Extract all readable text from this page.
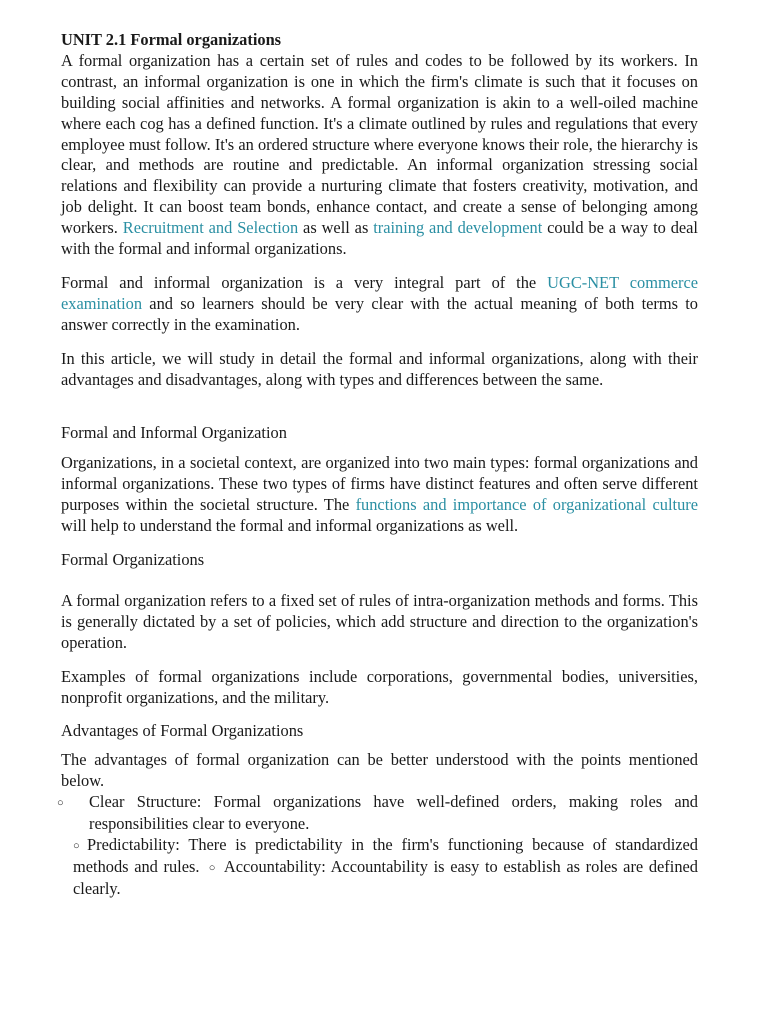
UNIT 2.1 Formal organizations

A formal organization has a certain set of rules and codes to be followed by its workers. In contrast, an informal organization is one in which the firm's climate is such that it focuses on building social affinities and networks. A formal organization is akin to a well-oiled machine where each cog has a defined function. It's a climate outlined by rules and regulations that every employee must follow. It's an ordered structure where everyone knows their role, the hierarchy is clear, and methods are routine and predictable. An informal organization stressing social relations and flexibility can provide a nurturing climate that fosters creativity, motivation, and job delight. It can boost team bonds, enhance contact, and create a sense of belonging among workers. Recruitment and Selection as well as training and development could be a way to deal with the formal and informal organizations.

Formal and informal organization is a very integral part of the UGC-NET commerce examination and so learners should be very clear with the actual meaning of both terms to answer correctly in the examination.

In this article, we will study in detail the formal and informal organizations, along with their advantages and disadvantages, along with types and differences between the same.

Formal and Informal Organization

Organizations, in a societal context, are organized into two main types: formal organizations and informal organizations. These two types of firms have distinct features and often serve different purposes within the societal structure. The functions and importance of organizational culture will help to understand the formal and informal organizations as well.

Formal Organizations

A formal organization refers to a fixed set of rules of intra-organization methods and forms. This is generally dictated by a set of policies, which add structure and direction to the organization's operation.

Examples of formal organizations include corporations, governmental bodies, universities, nonprofit organizations, and the military.

Advantages of Formal Organizations

The advantages of formal organization can be better understood with the points mentioned below.

○ Clear Structure: Formal organizations have well-defined orders, making roles and responsibilities clear to everyone.
○ Predictability: There is predictability in the firm's functioning because of standardized methods and rules. ○ Accountability: Accountability is easy to establish as roles are defined clearly.
